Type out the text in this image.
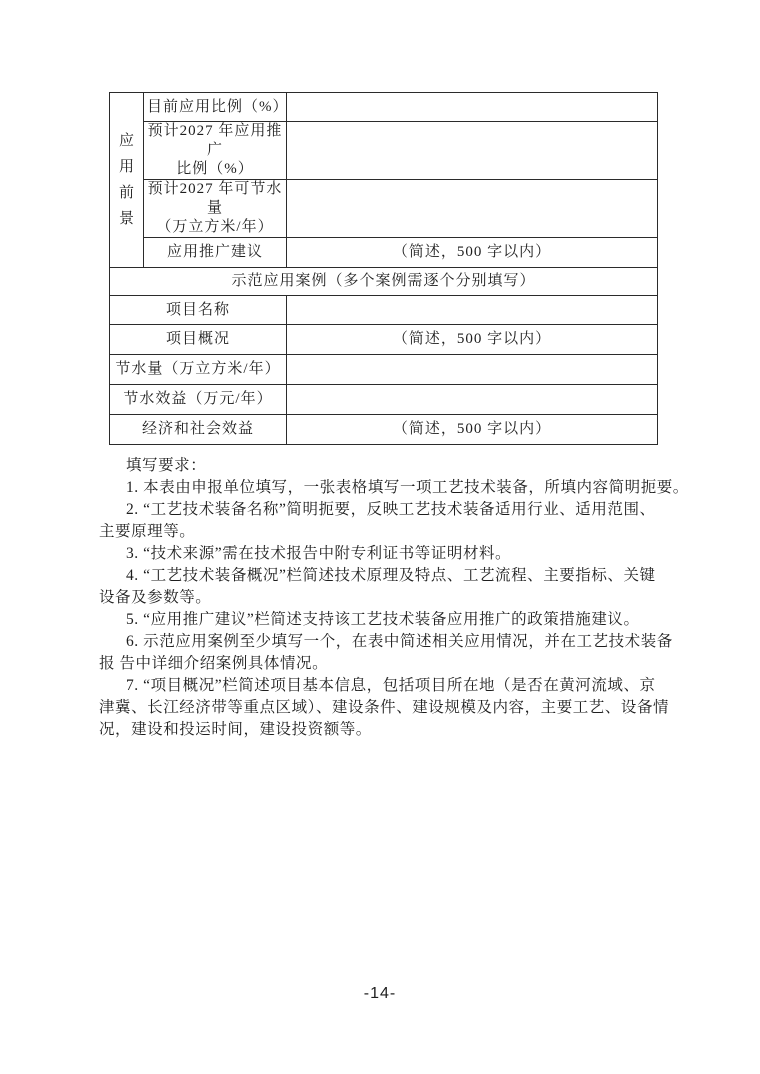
应用前景	目前应用比例（%）	

	预计2027 年应用推广
比例（%）	

	预计2027 年可节水量
（万立方米/年）	

	应用推广建议	（简述，500 字以内）
示范应用案例（多个案例需逐个分别填写）		
项目名称		
项目概况		（简述，500 字以内）
节水量（万立方米/年）		
节水效益（万元/年）		
经济和社会效益		（简述，500 字以内）
填写要求：
1. 本表由申报单位填写，一张表格填写一项工艺技术装备，所填内容简明扼要。
2. “工艺技术装备名称”简明扼要，反映工艺技术装备适用行业、适用范围、
主要原理等。
3. “技术来源”需在技术报告中附专利证书等证明材料。
4. “工艺技术装备概况”栏简述技术原理及特点、工艺流程、主要指标、关键
设备及参数等。
5. “应用推广建议”栏简述支持该工艺技术装备应用推广的政策措施建议。
6. 示范应用案例至少填写一个，在表中简述相关应用情况，并在工艺技术装备
报 告中详细介绍案例具体情况。
7. “项目概况”栏简述项目基本信息，包括项目所在地（是否在黄河流域、京
津冀、长江经济带等重点区域）、建设条件、建设规模及内容，主要工艺、设备情
况，建设和投运时间，建设投资额等。
-14-
